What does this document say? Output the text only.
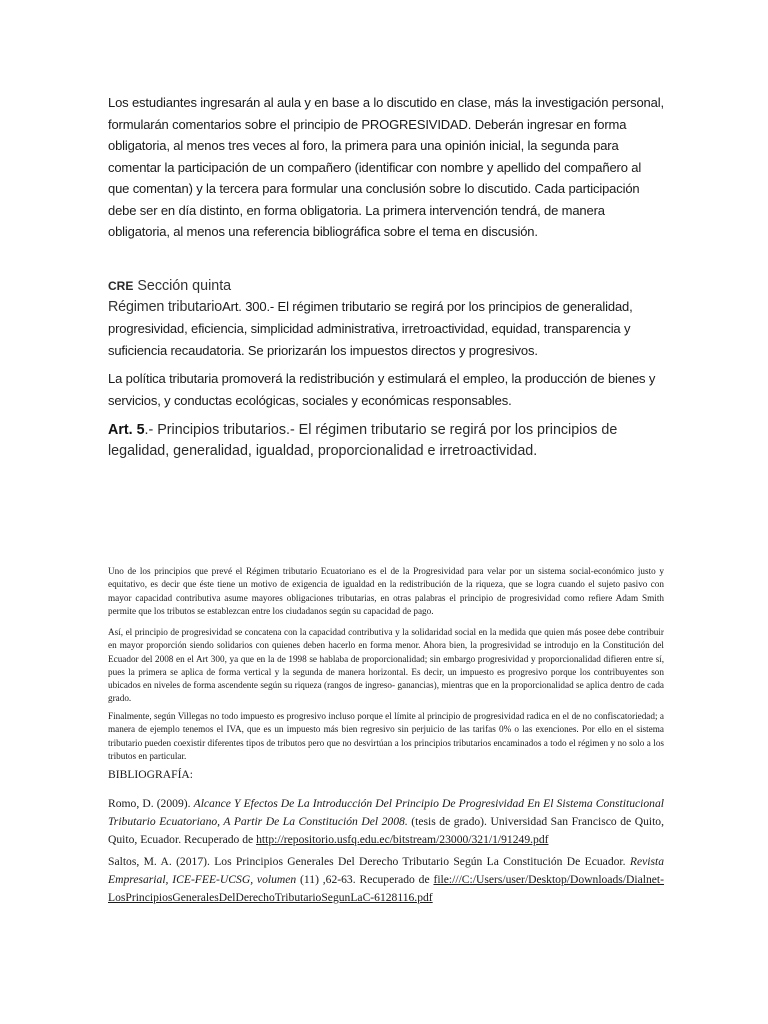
Los estudiantes ingresarán al aula y en base a lo discutido en clase, más la investigación personal, formularán comentarios sobre el principio de PROGRESIVIDAD. Deberán ingresar en forma obligatoria, al menos tres veces al foro, la primera para una opinión inicial, la segunda para comentar la participación de un compañero (identificar con nombre y apellido del compañero al que comentan) y la tercera para formular una conclusión sobre lo discutido. Cada participación debe ser en día distinto, en forma obligatoria. La primera intervención tendrá, de manera obligatoria, al menos una referencia bibliográfica sobre el tema en discusión.

CRE Sección quinta
Régimen tributarioArt. 300.- El régimen tributario se regirá por los principios de generalidad, progresividad, eficiencia, simplicidad administrativa, irretroactividad, equidad, transparencia y suficiencia recaudatoria. Se priorizarán los impuestos directos y progresivos.

La política tributaria promoverá la redistribución y estimulará el empleo, la producción de bienes y servicios, y conductas ecológicas, sociales y económicas responsables.

Art. 5.- Principios tributarios.- El régimen tributario se regirá por los principios de legalidad, generalidad, igualdad, proporcionalidad e irretroactividad.

Uno de los principios que prevé el Régimen tributario Ecuatoriano es el de la Progresividad para velar por un sistema social-económico justo y equitativo, es decir que éste tiene un motivo de exigencia de igualdad en la redistribución de la riqueza, que se logra cuando el sujeto pasivo con mayor capacidad contributiva asume mayores obligaciones tributarias, en otras palabras el principio de progresividad como refiere Adam Smith permite que los tributos se establezcan entre los ciudadanos según su capacidad de pago.

Así, el principio de progresividad se concatena con la capacidad contributiva y la solidaridad social en la medida que quien más posee debe contribuir en mayor proporción siendo solidarios con quienes deben hacerlo en forma menor. Ahora bien, la progresividad se introdujo en la Constitución del Ecuador del 2008 en el Art 300, ya que en la de 1998 se hablaba de proporcionalidad; sin embargo progresividad y proporcionalidad difieren entre sí, pues la primera se aplica de forma vertical y la segunda de manera horizontal. Es decir, un impuesto es progresivo porque los contribuyentes son ubicados en niveles de forma ascendente según su riqueza (rangos de ingreso- ganancias), mientras que en la proporcionalidad se aplica dentro de cada grado.

Finalmente, según Villegas no todo impuesto es progresivo incluso porque el límite al principio de progresividad radica en el de no confiscatoriedad; a manera de ejemplo tenemos el IVA, que es un impuesto más bien regresivo sin perjuicio de las tarifas 0% o las exenciones. Por ello en el sistema tributario pueden coexistir diferentes tipos de tributos pero que no desvirtúan a los principios tributarios encaminados a todo el régimen y no solo a los tributos en particular.

BIBLIOGRAFÍA:

Romo, D. (2009). Alcance Y Efectos De La Introducción Del Principio De Progresividad En El Sistema Constitucional Tributario Ecuatoriano, A Partir De La Constitución Del 2008. (tesis de grado). Universidad San Francisco de Quito, Quito, Ecuador. Recuperado de http://repositorio.usfq.edu.ec/bitstream/23000/321/1/91249.pdf

Saltos, M. A. (2017). Los Principios Generales Del Derecho Tributario Según La Constitución De Ecuador. Revista Empresarial, ICE-FEE-UCSG, volumen (11) ,62-63. Recuperado de file:///C:/Users/user/Desktop/Downloads/Dialnet-LosPrincipiosGeneralesDelDerechoTributarioSegunLaC-6128116.pdf
